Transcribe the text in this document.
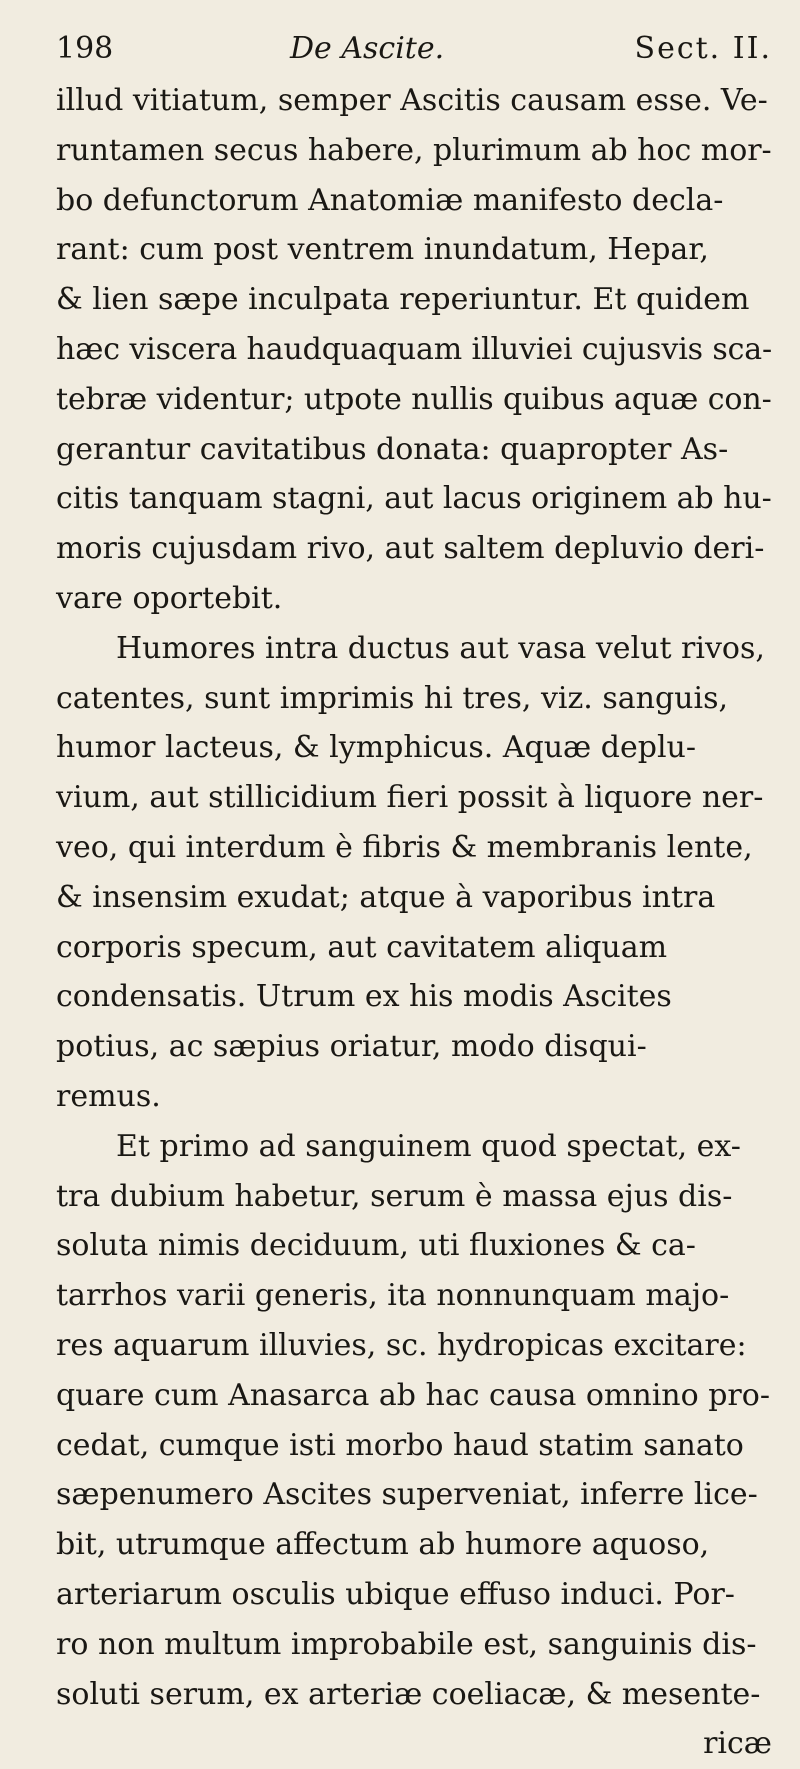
198	De Ascite.	Sect. II.
illud vitiatum, semper Ascitis causam esse. Ve-
runtamen secus habere, plurimum ab hoc mor-
bo defunctorum Anatomiæ manifesto decla-
rant: cum post ventrem inundatum, Hepar,
& lien sæpe inculpata reperiuntur. Et quidem
hæc viscera haudquaquam illuviei cujusvis sca-
tebræ videntur; utpote nullis quibus aquæ con-
gerantur cavitatibus donata: quapropter As-
citis tanquam stagni, aut lacus originem ab hu-
moris cujusdam rivo, aut saltem depluvio deri-
vare oportebit.
Humores intra ductus aut vasa velut rivos,
catentes, sunt imprimis hi tres, viz. sanguis,
humor lacteus, & lymphicus. Aquæ deplu-
vium, aut stillicidium fieri possit à liquore ner-
veo, qui interdum è fibris & membranis lente,
& insensim exudat; atque à vaporibus intra
corporis specum, aut cavitatem aliquam
condensatis. Utrum ex his modis Ascites
potius, ac sæpius oriatur, modo disqui-
remus.
Et primo ad sanguinem quod spectat, ex-
tra dubium habetur, serum è massa ejus dis-
soluta nimis deciduum, uti fluxiones & ca-
tarrhos varii generis, ita nonnunquam majo-
res aquarum illuvies, sc. hydropicas excitare:
quare cum Anasarca ab hac causa omnino pro-
cedat, cumque isti morbo haud statim sanato
sæpenumero Ascites superveniat, inferre lice-
bit, utrumque affectum ab humore aquoso,
arteriarum osculis ubique effuso induci. Por-
ro non multum improbabile est, sanguinis dis-
soluti serum, ex arteriæ coeliacæ, & mesente-
ricæ
